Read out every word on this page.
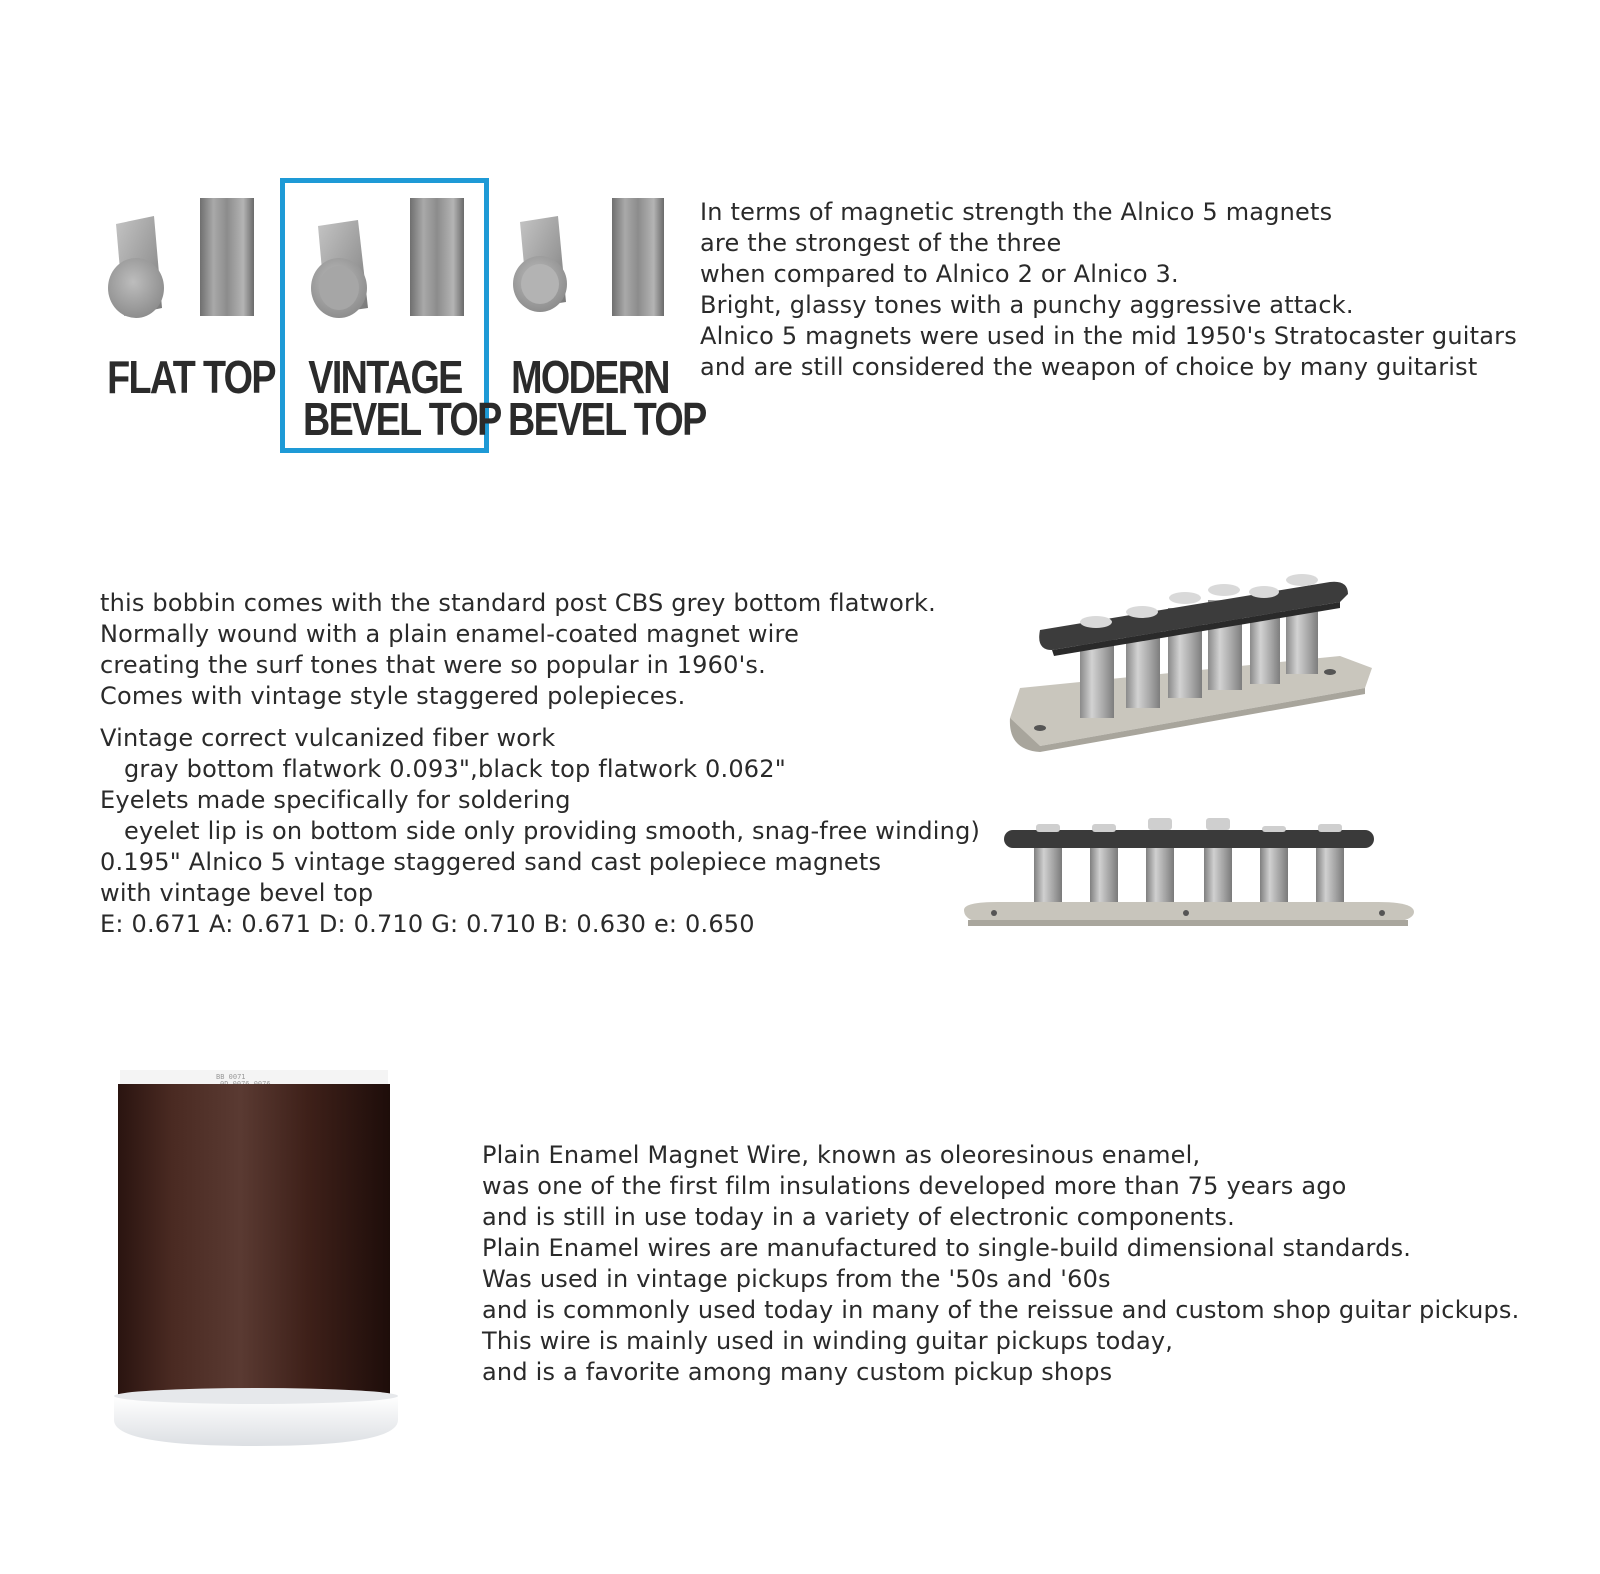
FLAT TOP VINTAGE
BEVEL TOP
MODERN
BEVEL TOP
In terms of magnetic strength the Alnico 5 magnets
are the strongest of the three
when compared to Alnico 2 or Alnico 3.
Bright, glassy tones with a punchy aggressive attack.
Alnico 5 magnets were used in the mid 1950's Stratocaster guitars
and are still considered the weapon of choice by many guitarist
this bobbin comes with the standard post CBS grey bottom flatwork.
Normally wound with a plain enamel-coated magnet wire
creating the surf tones that were so popular in 1960's.
Comes with vintage style staggered polepieces.
Vintage correct vulcanized fiber work
gray bottom flatwork 0.093",black top flatwork 0.062"
Eyelets made specifically for soldering
eyelet lip is on bottom side only providing smooth, snag-free winding)
0.195" Alnico 5 vintage staggered sand cast polepiece magnets
with vintage bevel top
E: 0.671 A: 0.671 D: 0.710 G: 0.710 B: 0.630 e: 0.650
BB 0071
Plain Enamel Magnet Wire, known as oleoresinous enamel,
was one of the first film insulations developed more than 75 years ago
and is still in use today in a variety of electronic components.
Plain Enamel wires are manufactured to single-build dimensional standards.
Was used in vintage pickups from the '50s and '60s
and is commonly used today in many of the reissue and custom shop guitar pickups.
This wire is mainly used in winding guitar pickups today,
and is a favorite among many custom pickup shops
